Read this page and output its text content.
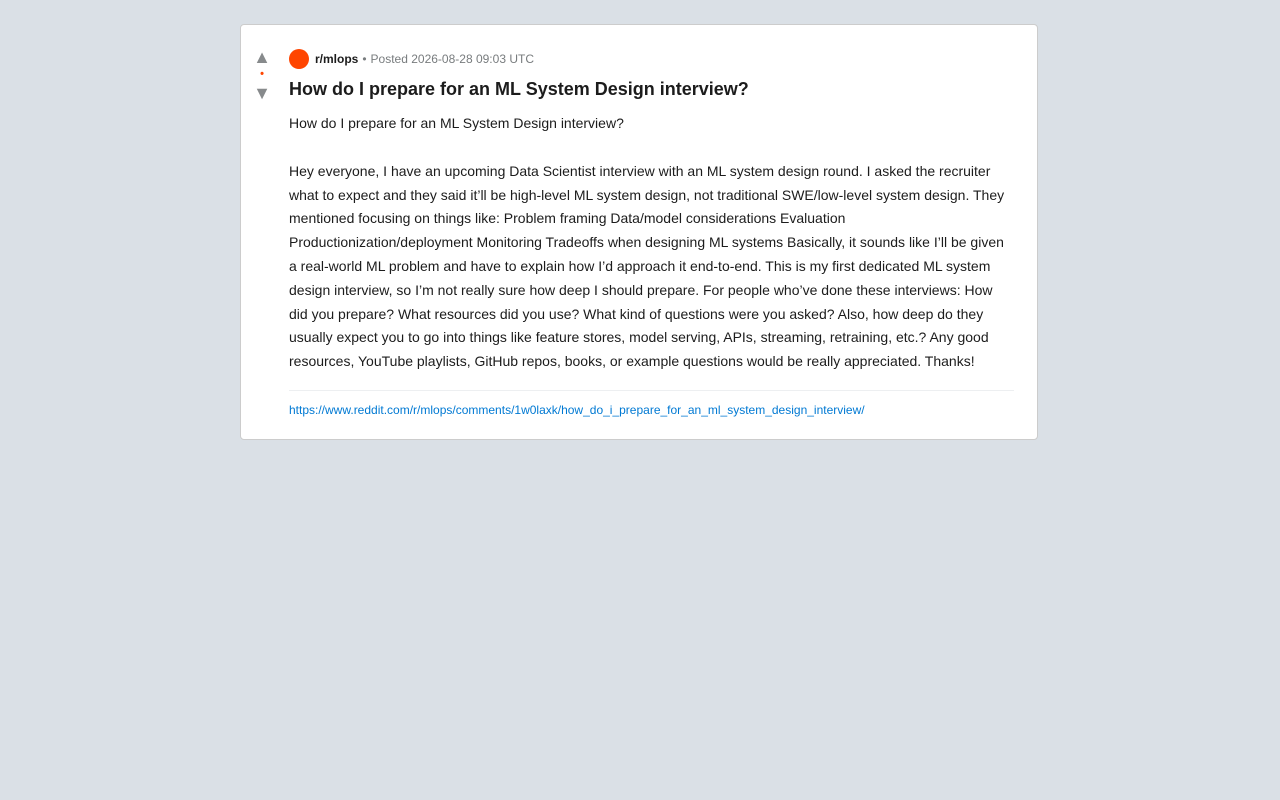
▲
•
▼
r/mlops • Posted 2026-08-28 09:03 UTC
How do I prepare for an ML System Design interview?

How do I prepare for an ML System Design interview?

Hey everyone, I have an upcoming Data Scientist interview with an ML system design round. I asked the recruiter what to expect and they said it’ll be high-level ML system design, not traditional SWE/low-level system design. They mentioned focusing on things like: Problem framing Data/model considerations Evaluation Productionization/deployment Monitoring Tradeoffs when designing ML systems Basically, it sounds like I’ll be given a real-world ML problem and have to explain how I’d approach it end-to-end. This is my first dedicated ML system design interview, so I’m not really sure how deep I should prepare. For people who’ve done these interviews: How did you prepare? What resources did you use? What kind of questions were you asked? Also, how deep do they usually expect you to go into things like feature stores, model serving, APIs, streaming, retraining, etc.? Any good resources, YouTube playlists, GitHub repos, books, or example questions would be really appreciated. Thanks!

https://www.reddit.com/r/mlops/comments/1w0laxk/how_do_i_prepare_for_an_ml_system_design_interview/
